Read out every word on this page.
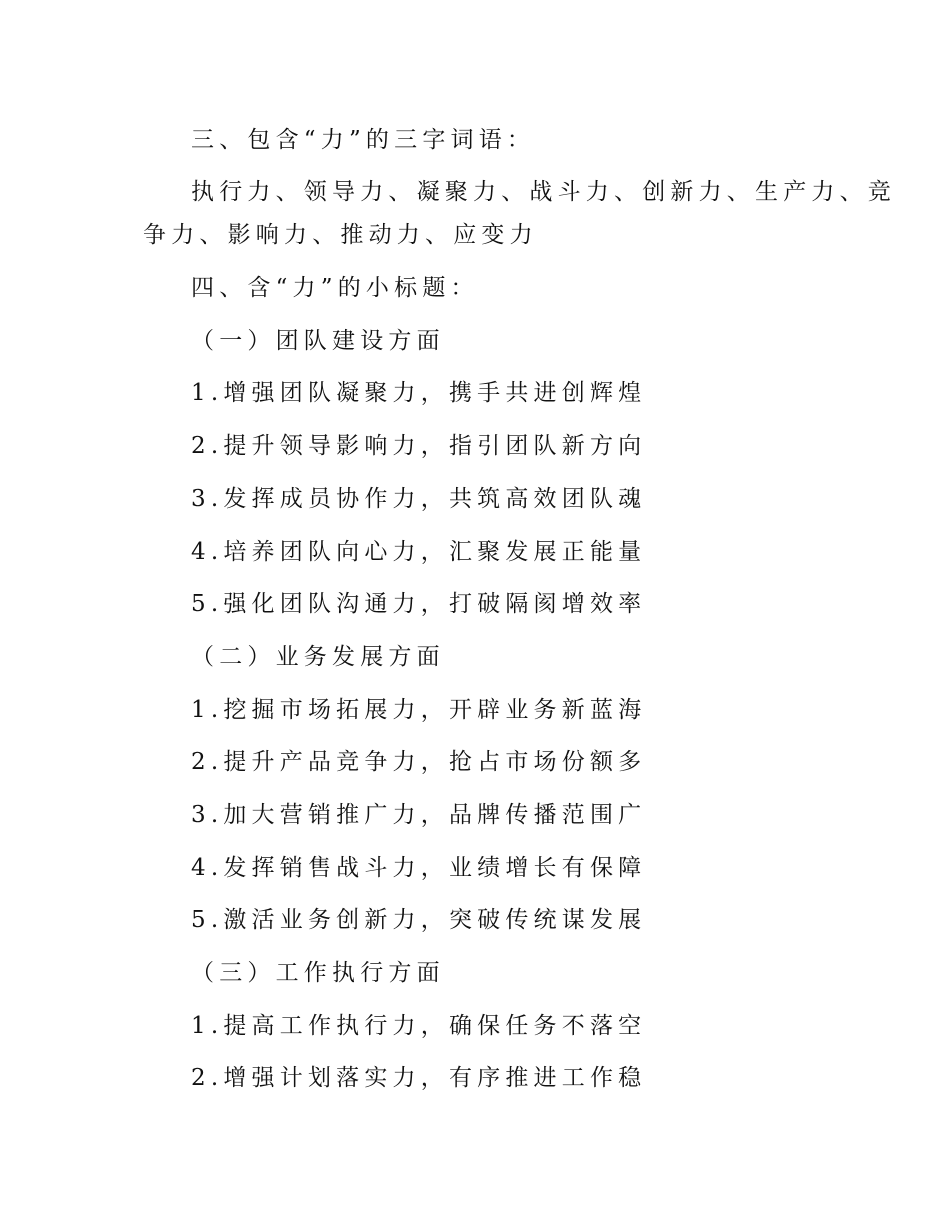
三、包含“力”的三字词语：
执行力、领导力、凝聚力、战斗力、创新力、生产力、竞
争力、影响力、推动力、应变力
四、含“力”的小标题：
（一）团队建设方面
1.增强团队凝聚力，携手共进创辉煌
2.提升领导影响力，指引团队新方向
3.发挥成员协作力，共筑高效团队魂
4.培养团队向心力，汇聚发展正能量
5.强化团队沟通力，打破隔阂增效率
（二）业务发展方面
1.挖掘市场拓展力，开辟业务新蓝海
2.提升产品竞争力，抢占市场份额多
3.加大营销推广力，品牌传播范围广
4.发挥销售战斗力，业绩增长有保障
5.激活业务创新力，突破传统谋发展
（三）工作执行方面
1.提高工作执行力，确保任务不落空
2.增强计划落实力，有序推进工作稳
